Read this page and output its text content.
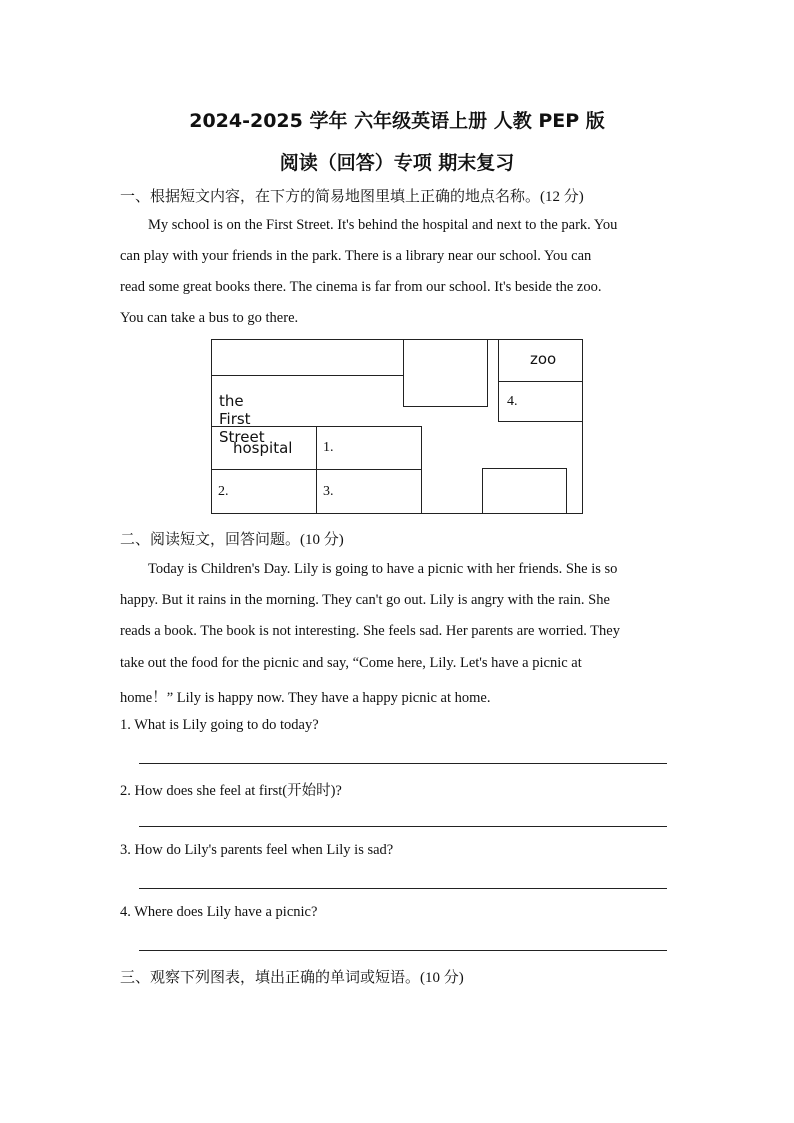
2024-2025 学年 六年级英语上册 人教 PEP 版
阅读（回答）专项 期末复习
一、根据短文内容，在下方的简易地图里填上正确的地点名称。(12 分)
My school is on the First Street. It's behind the hospital and next to the park. You
can play with your friends in the park. There is a library near our school. You can
read some great books there. The cinema is far from our school. It's beside the zoo.
You can take a bus to go there.
zoo
4.
the First Street
hospital 1.
2.	3.
二、阅读短文，回答问题。(10 分)
Today is Children's Day. Lily is going to have a picnic with her friends. She is so
happy. But it rains in the morning. They can't go out. Lily is angry with the rain. She
reads a book. The book is not interesting. She feels sad. Her parents are worried. They
take out the food for the picnic and say, “Come here, Lily. Let's have a picnic at
home！” Lily is happy now. They have a happy picnic at home.
1. What is Lily going to do today?
2. How does she feel at first(开始时)?
3. How do Lily's parents feel when Lily is sad?
4. Where does Lily have a picnic?
三、观察下列图表，填出正确的单词或短语。(10 分)
